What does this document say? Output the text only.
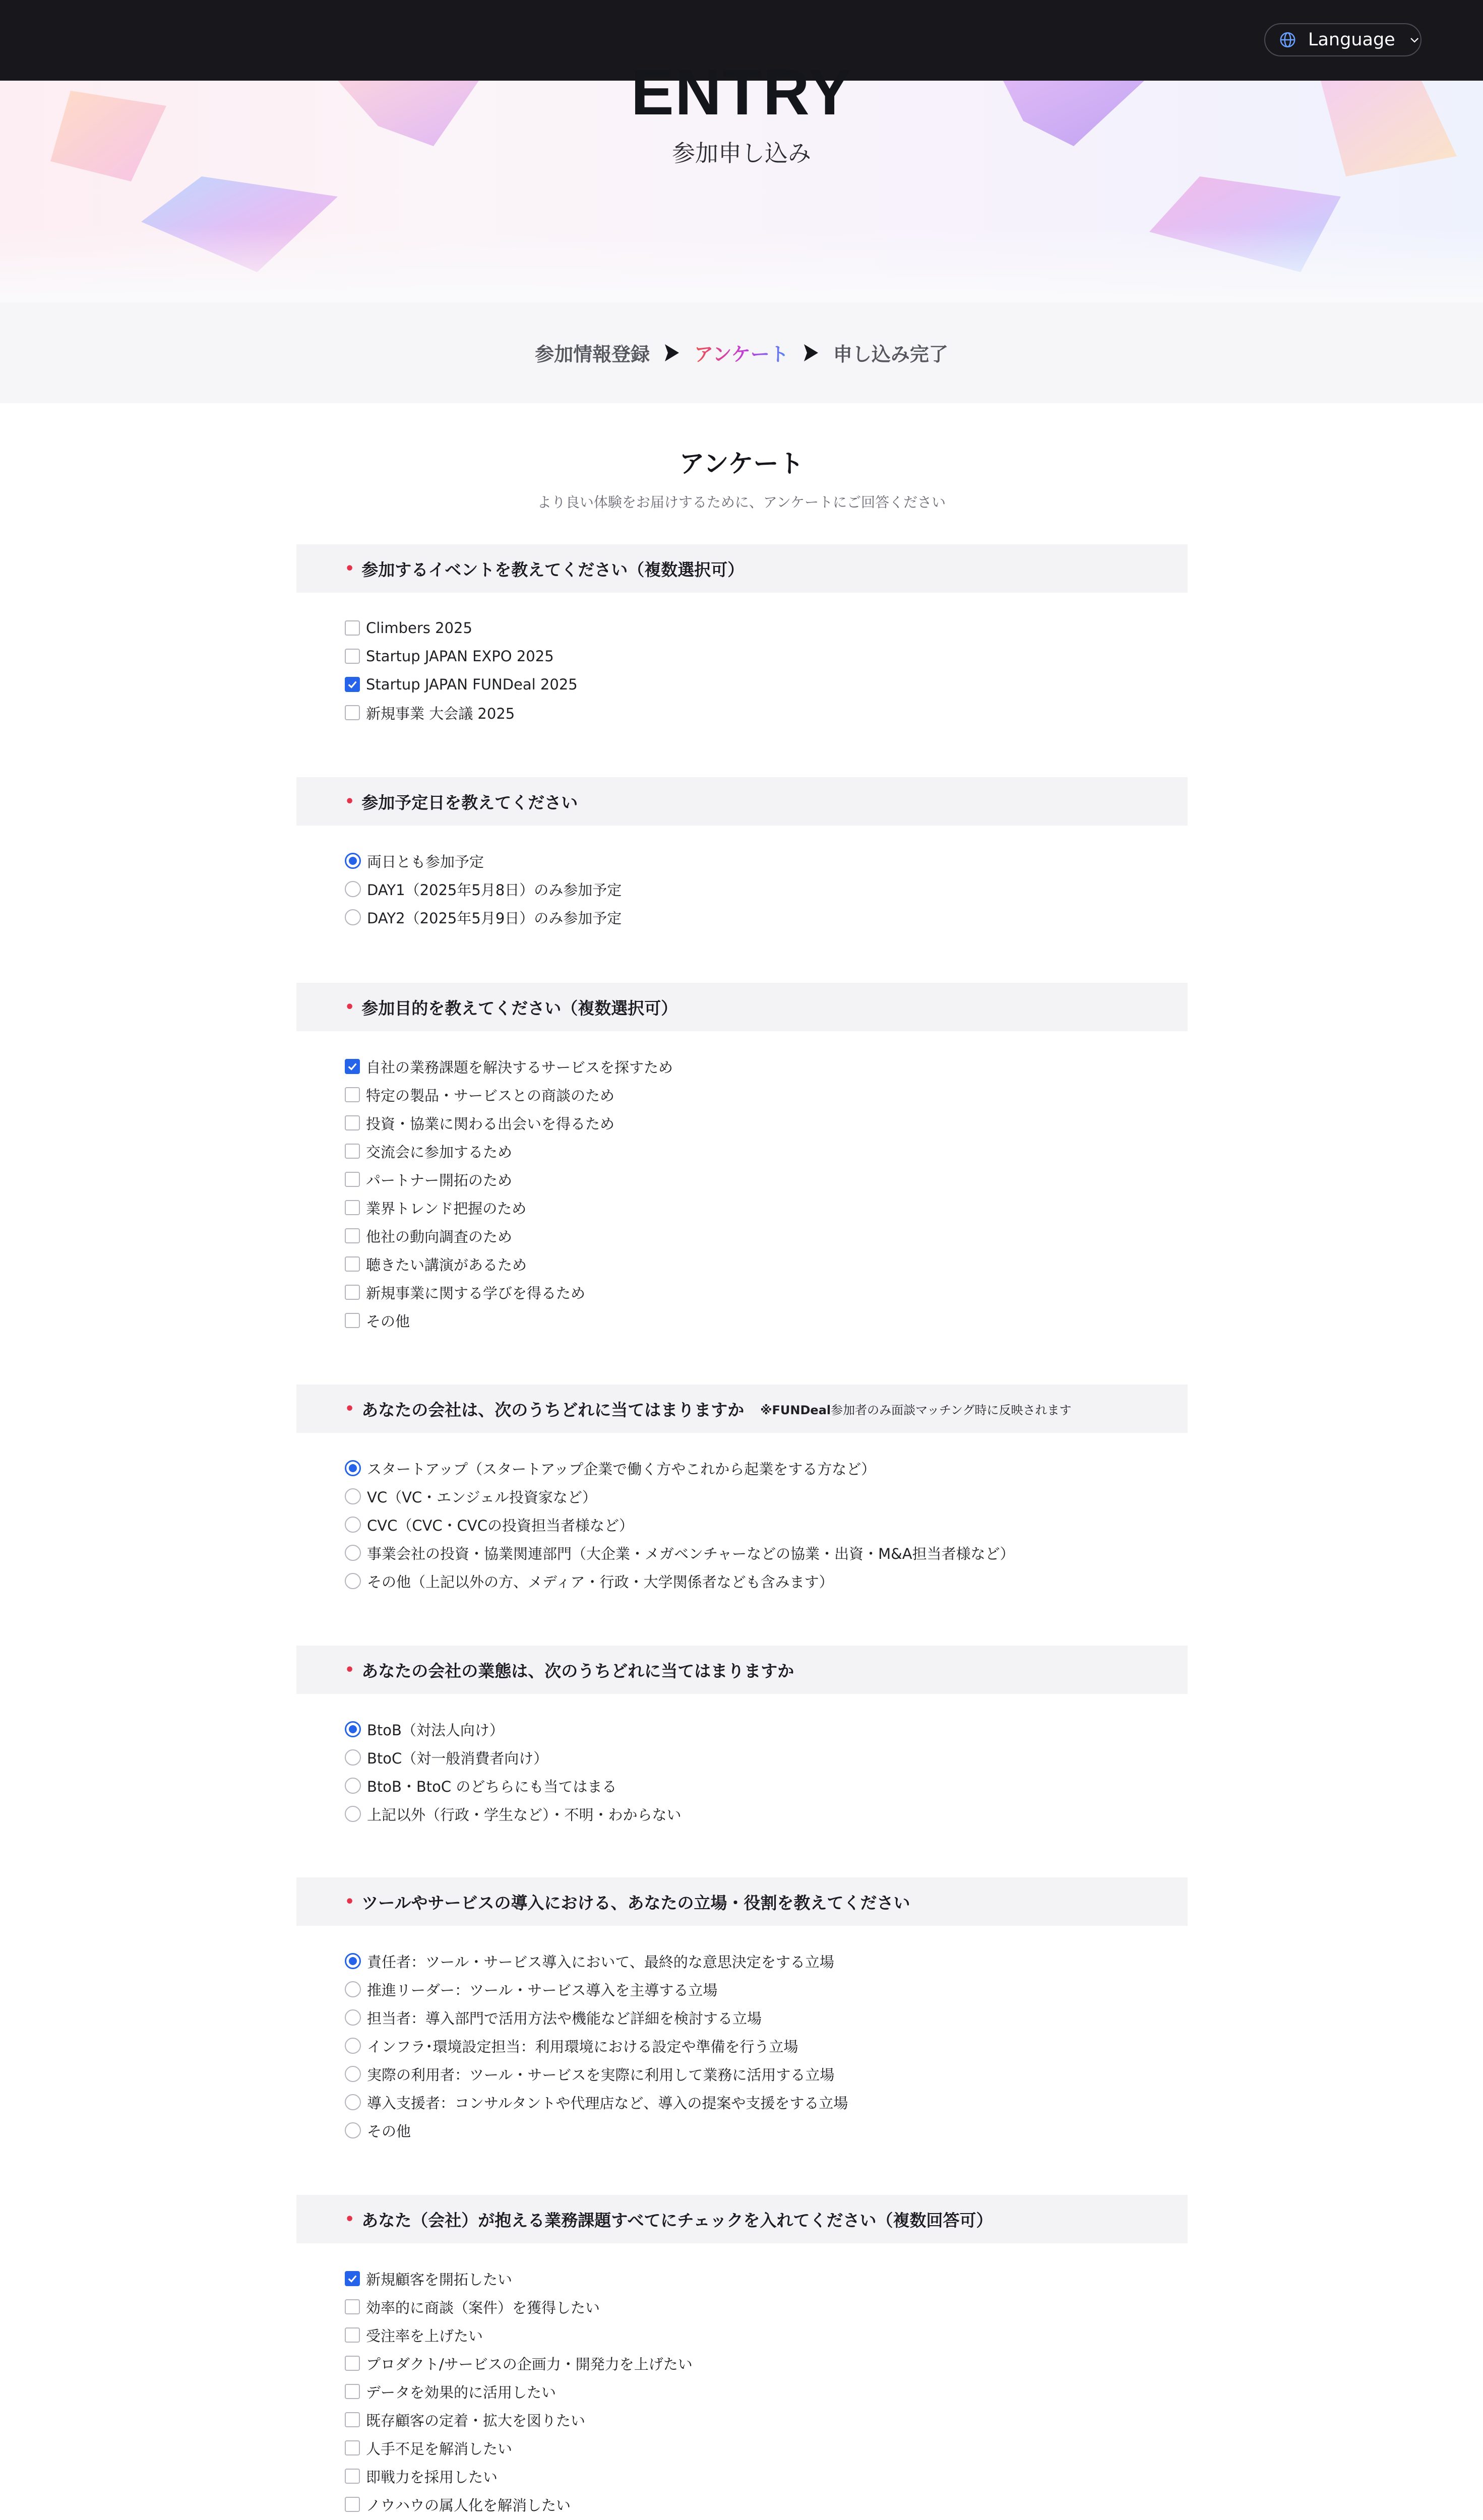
Language
ENTRY
参加申し込み
参加情報登録 アンケート 申し込み完了
アンケート
より良い体験をお届けするために、アンケートにご回答ください
• 参加するイベントを教えてください（複数選択可）
Climbers 2025
Startup JAPAN EXPO 2025
Startup JAPAN FUNDeal 2025
新規事業 大会議 2025
• 参加予定日を教えてください
両日とも参加予定
DAY1（2025年5月8日）のみ参加予定
DAY2（2025年5月9日）のみ参加予定
• 参加目的を教えてください（複数選択可）
自社の業務課題を解決するサービスを探すため
特定の製品・サービスとの商談のため
投資・協業に関わる出会いを得るため
交流会に参加するため
パートナー開拓のため
業界トレンド把握のため
他社の動向調査のため
聴きたい講演があるため
新規事業に関する学びを得るため
その他
• あなたの会社は、次のうちどれに当てはまりますか ※FUNDeal参加者のみ面談マッチング時に反映されます
スタートアップ（スタートアップ企業で働く方やこれから起業をする方など）
VC（VC・エンジェル投資家など）
CVC（CVC・CVCの投資担当者様など）
事業会社の投資・協業関連部門（大企業・メガベンチャーなどの協業・出資・M&A担当者様など）
その他（上記以外の方、メディア・行政・大学関係者なども含みます）
• あなたの会社の業態は、次のうちどれに当てはまりますか
BtoB（対法人向け）
BtoC（対一般消費者向け）
BtoB・BtoC のどちらにも当てはまる
上記以外（行政・学生など）・不明・わからない
• ツールやサービスの導入における、あなたの立場・役割を教えてください
責任者：ツール・サービス導入において、最終的な意思決定をする立場
推進リーダー：ツール・サービス導入を主導する立場
担当者：導入部門で活用方法や機能など詳細を検討する立場
インフラ･環境設定担当：利用環境における設定や準備を行う立場
実際の利用者：ツール・サービスを実際に利用して業務に活用する立場
導入支援者：コンサルタントや代理店など、導入の提案や支援をする立場
その他
• あなた（会社）が抱える業務課題すべてにチェックを入れてください（複数回答可）
新規顧客を開拓したい
効率的に商談（案件）を獲得したい
受注率を上げたい
プロダクト/サービスの企画力・開発力を上げたい
データを効果的に活用したい
既存顧客の定着・拡大を図りたい
人手不足を解消したい
即戦力を採用したい
ノウハウの属人化を解消したい
